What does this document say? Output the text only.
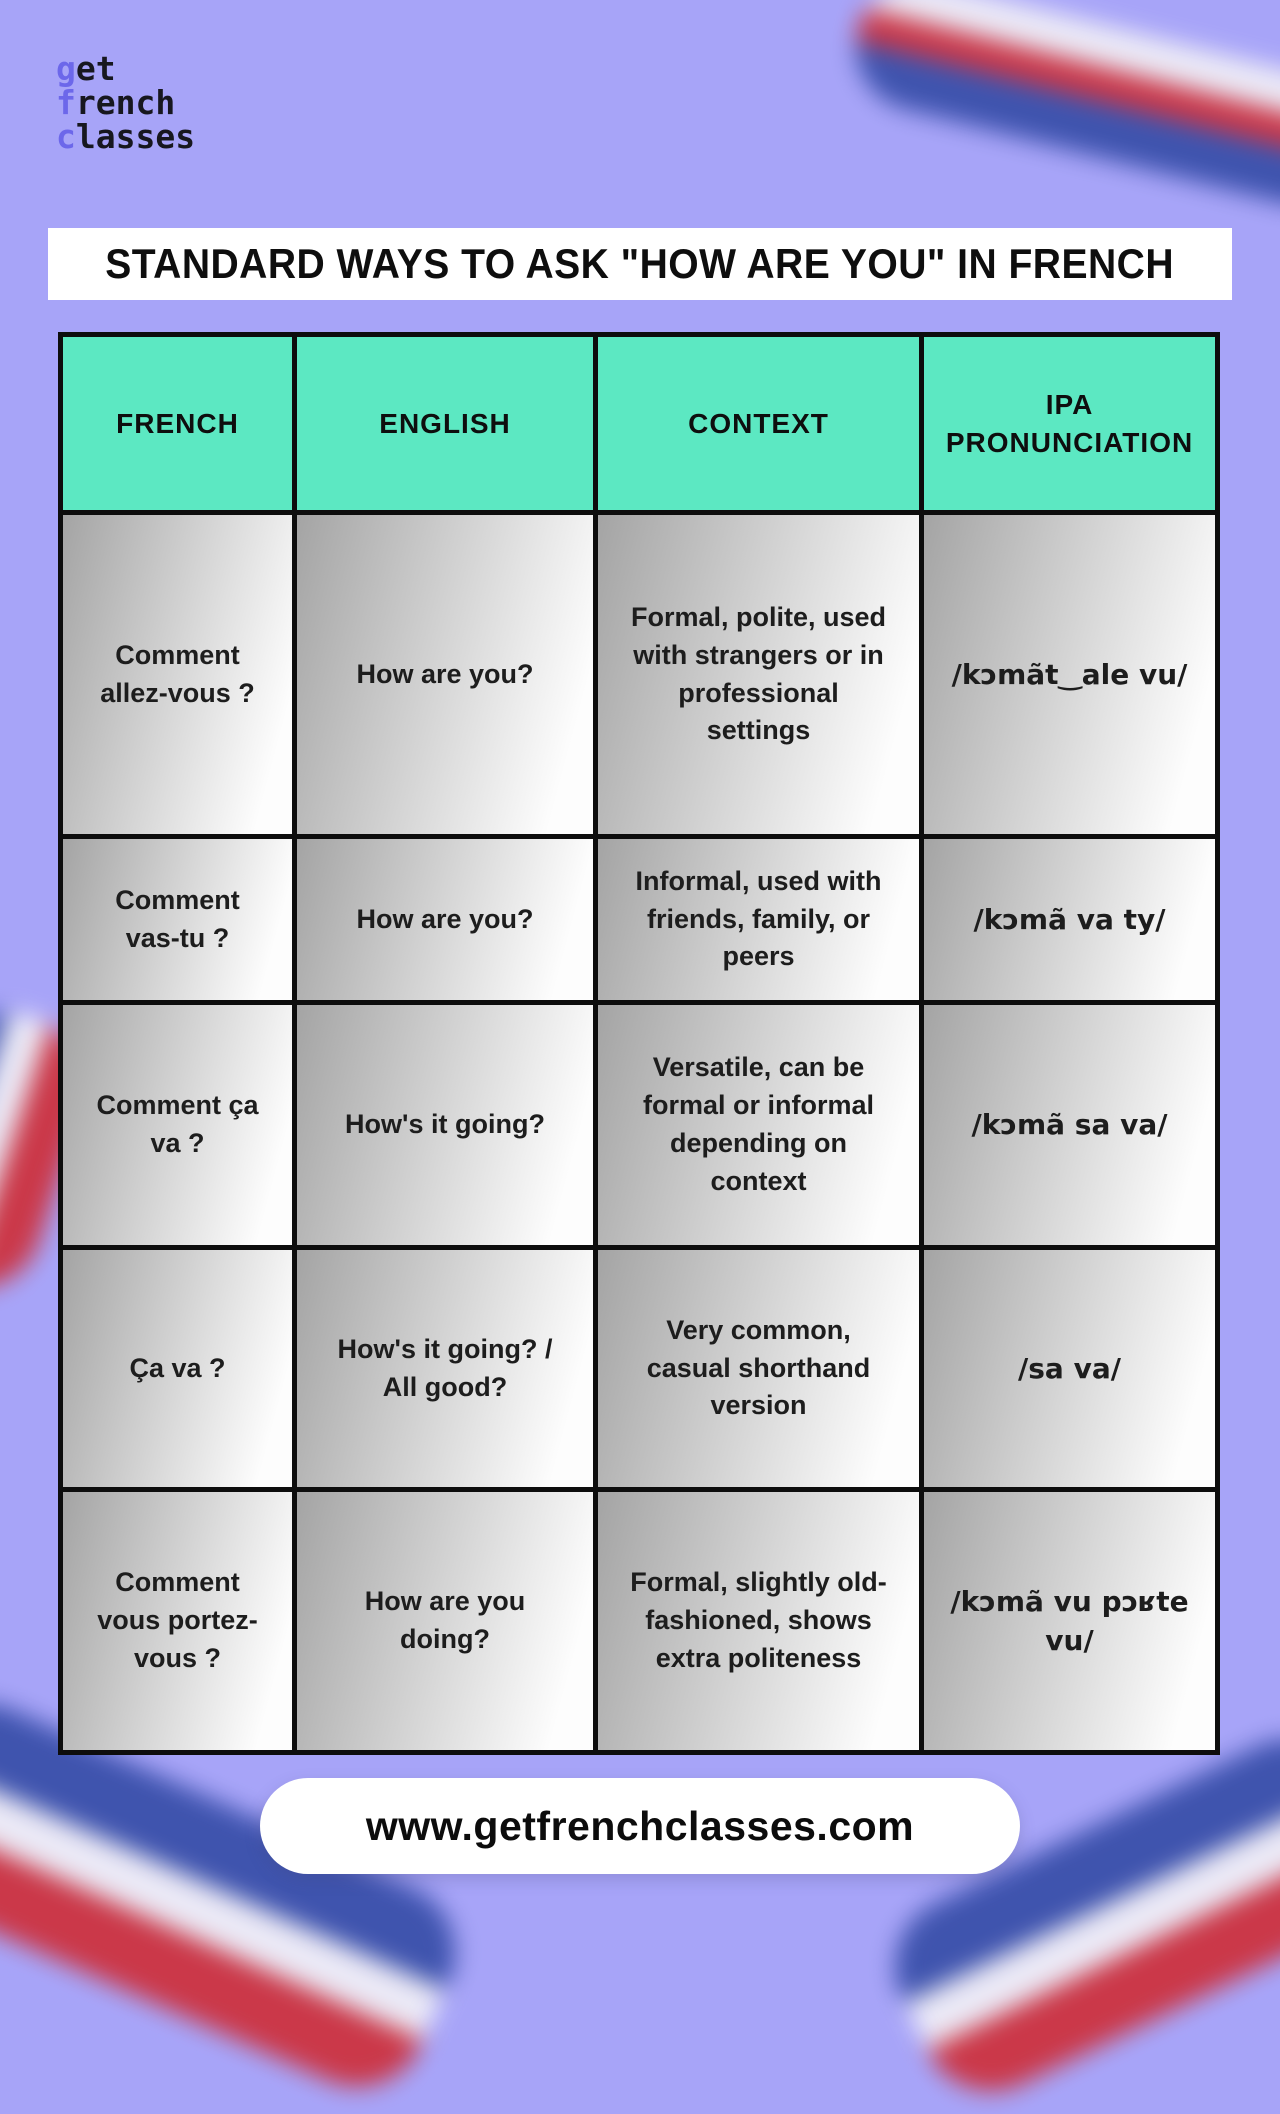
get
french
classes
STANDARD WAYS TO ASK "HOW ARE YOU" IN FRENCH
FRENCH	ENGLISH	CONTEXT
IPA PRONUNCIATION
Comment allez-vous ?
How are you?
Formal, polite, used with strangers or in professional settings
/kɔmãt‿ale vu/
Comment vas-tu ?
How are you?
Informal, used with friends, family, or peers
/kɔmã va ty/
Comment ça va ?
How's it going?
Versatile, can be formal or informal depending on context
/kɔmã sa va/
Ça va ?
How's it going? / All good?
Very common, casual shorthand version
/sa va/
Comment vous portez-vous ?
How are you doing?
Formal, slightly old-fashioned, shows extra politeness
/kɔmã vu pɔʁte vu/
www.getfrenchclasses.com
